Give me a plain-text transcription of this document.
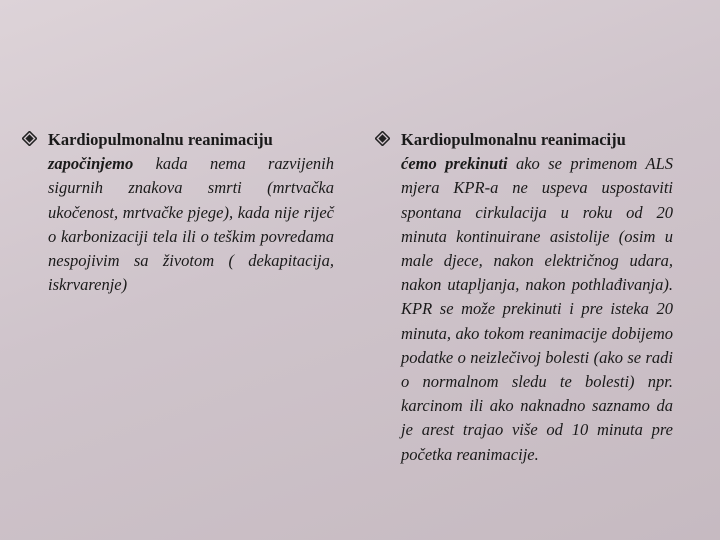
Kardiopulmonalnu reanimaciju
započinjemo kada nema razvijenih sigurnih znakova smrti (mrtvačka ukočenost, mrtvačke pjege), kada nije riječ o karbonizaciji tela ili o teškim povredama nespojivim sa životom ( dekapitacija, iskrvarenje)
Kardiopulmonalnu reanimaciju
ćemo prekinuti ako se primenom ALS mjera KPR-a ne uspeva uspostaviti spontana cirkulacija u roku od 20 minuta kontinuirane asistolije (osim u male djece, nakon električnog udara, nakon utapljanja, nakon pothlađivanja). KPR se može prekinuti i pre isteka 20 minuta, ako tokom reanimacije dobijemo podatke o neizlečivoj bolesti (ako se radi o normalnom sledu te bolesti) npr. karcinom ili ako naknadno saznamo da je arest trajao više od 10 minuta pre početka reanimacije.
